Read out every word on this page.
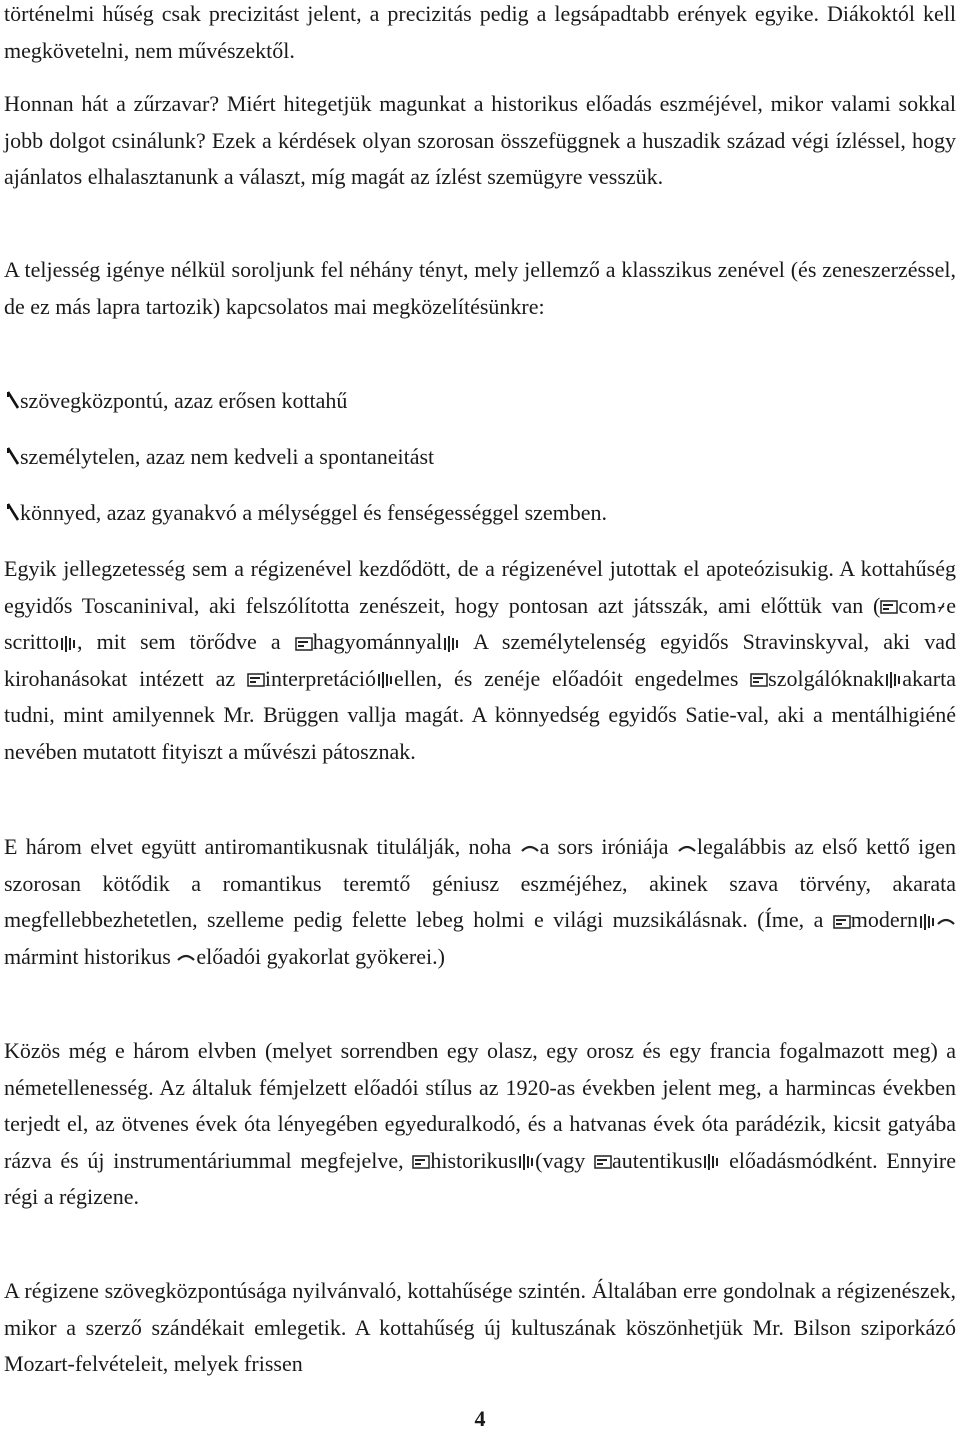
történelmi hűség csak precizitást jelent, a precizitás pedig a legsápadtabb erények egyike. Diákoktól kell megkövetelni, nem művészektől.

Honnan hát a zűrzavar? Miért hitegetjük magunkat a historikus előadás eszméjével, mikor valami sokkal jobb dolgot csinálunk? Ezek a kérdések olyan szorosan összefüggnek a huszadik század végi ízléssel, hogy ajánlatos elhalasztanunk a választ, míg magát az ízlést szemügyre vesszük.

A teljesség igénye nélkül soroljunk fel néhány tényt, mely jellemző a klasszikus zenével (és zeneszerzéssel, de ez más lapra tartozik) kapcsolatos mai megközelítésünkre:

szövegközpontú, azaz erősen kottahű
személytelen, azaz nem kedveli a spontaneitást
könnyed, azaz gyanakvó a mélységgel és fenségességgel szemben.

Egyik jellegzetesség sem a régizenével kezdődött, de a régizenével jutottak el apoteózisukig. A kottahűség egyidős Toscaninival, aki felszólította zenészeit, hogy pontosan azt játsszák, ami előttük van ( com e scritto , mit sem törődve a
hagyománnyal
A személytelenség egyidős Stravinskyval, aki vad kirohanásokat intézett az
interpretáció ellen, és zenéje előadóit engedelmes
szolgálóknak akarta tudni, mint amilyennek Mr. Brüggen vallja magát. A könnyedség egyidős Satie-val, aki a mentálhigiéné nevében mutatott fityiszt a művészi pátosznak.

E három elvet együtt antiromantikusnak titulálják, noha
a sors iróniája
legalábbis az első kettő igen szorosan kötődik a romantikus teremtő géniusz eszméjéhez, akinek szava törvény, akarata megfellebbezhetetlen, szelleme pedig felette lebeg holmi e világi muzsikálásnak. (Íme, a
modern
mármint historikus
előadói gyakorlat gyökerei.)

Közös még e három elvben (melyet sorrendben egy olasz, egy orosz és egy francia fogalmazott meg) a németellenesség. Az általuk fémjelzett előadói stílus az 1920-as években jelent meg, a harmincas években terjedt el, az ötvenes évek óta lényegében egyeduralkodó, és a hatvanas évek óta parádézik, kicsit gatyába rázva és új instrumentáriummal megfejelve,
historikus (vagy
autentikus
előadásmódként. Ennyire régi a régizene.

A régizene szövegközpontúsága nyilvánvaló, kottahűsége szintén. Általában erre gondolnak a régizenészek, mikor a szerző szándékait emlegetik. A kottahűség új kultuszának köszönhetjük Mr. Bilson sziporkázó Mozart-felvételeit, melyek frissen

4
